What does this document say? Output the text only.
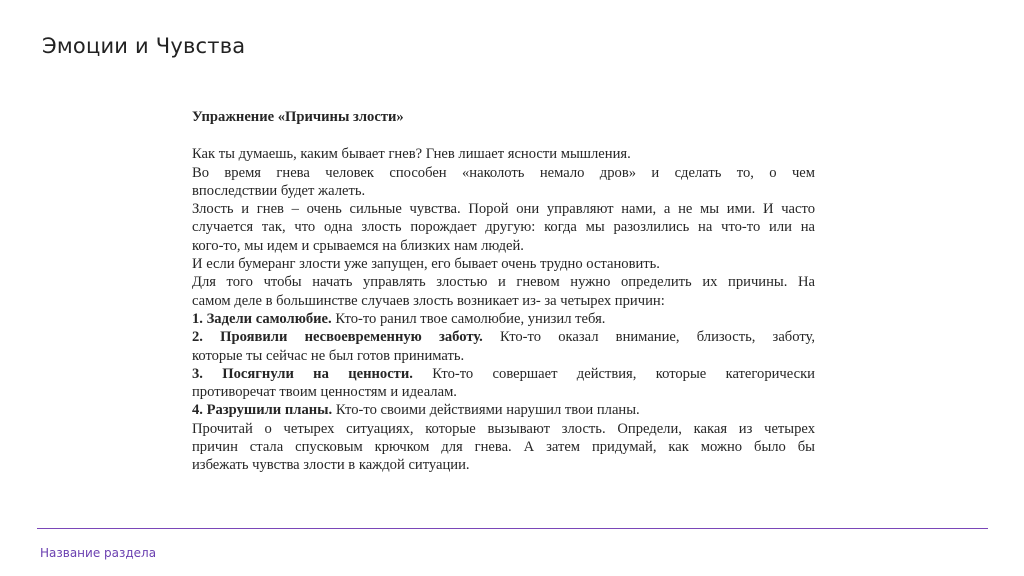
Эмоции и Чувства
Упражнение «Причины злости»
Как ты думаешь, каким бывает гнев? Гнев лишает ясности мышления.
Во время гнева человек способен «наколоть немало дров» и сделать то, о чем
впоследствии будет жалеть.
Злость и гнев – очень сильные чувства. Порой они управляют нами, а не мы ими. И часто
случается так, что одна злость порождает другую: когда мы разозлились на что-то или на
кого-то, мы идем и срываемся на близких нам людей.
И если бумеранг злости уже запущен, его бывает очень трудно остановить.
Для того чтобы начать управлять злостью и гневом нужно определить их причины. На
самом деле в большинстве случаев злость возникает из- за четырех причин:
1. Задели самолюбие. Кто-то ранил твое самолюбие, унизил тебя.
2. Проявили несвоевременную заботу. Кто-то оказал внимание, близость, заботу,
которые ты сейчас не был готов принимать.
3. Посягнули на ценности. Кто-то совершает действия, которые категорически
противоречат твоим ценностям и идеалам.
4. Разрушили планы. Кто-то своими действиями нарушил твои планы.
Прочитай о четырех ситуациях, которые вызывают злость. Определи, какая из четырех
причин стала спусковым крючком для гнева. А затем придумай, как можно было бы
избежать чувства злости в каждой ситуации.
Название раздела
